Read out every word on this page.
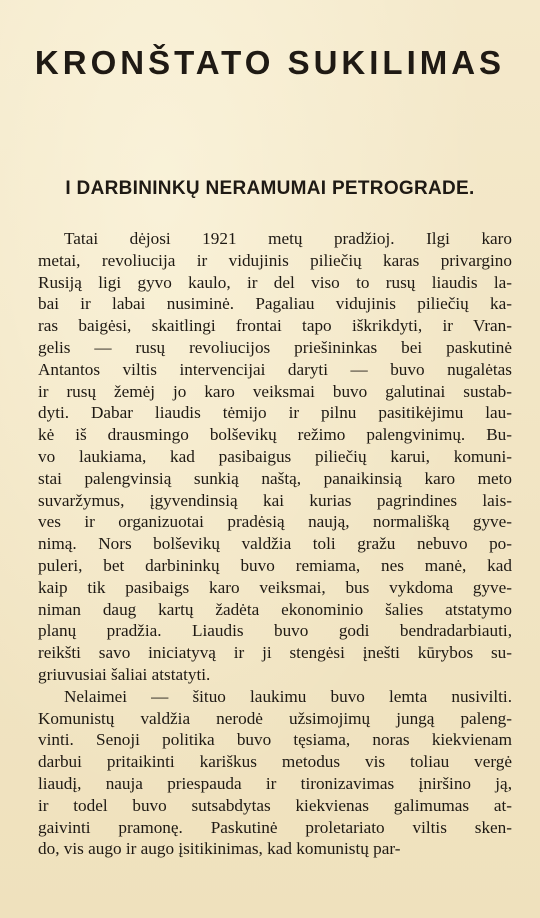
KRONŠTATO SUKILIMAS
I DARBININKŲ NERAMUMAI PETROGRADE.
Tatai dėjosi 1921 metų pradžioj. Ilgi karo
metai, revoliucija ir vidujinis piliečių karas privargino
Rusiją ligi gyvo kaulo, ir del viso to rusų liaudis la-
bai ir labai nusiminė. Pagaliau vidujinis piliečių ka-
ras baigėsi, skaitlingi frontai tapo iškrikdyti, ir Vran-
gelis — rusų revoliucijos priešininkas bei paskutinė
Antantos viltis intervencijai daryti — buvo nugalėtas
ir rusų žemėj jo karo veiksmai buvo galutinai sustab-
dyti. Dabar liaudis tėmijo ir pilnu pasitikėjimu lau-
kė iš drausmingo bolševikų režimo palengvinimų. Bu-
vo laukiama, kad pasibaigus piliečių karui, komuni-
stai palengvinsią sunkią naštą, panaikinsią karo meto
suvaržymus, įgyvendinsią kai kurias pagrindines lais-
ves ir organizuotai pradėsią naują, normališką gyve-
nimą. Nors bolševikų valdžia toli gražu nebuvo po-
puleri, bet darbininkų buvo remiama, nes manė, kad
kaip tik pasibaigs karo veiksmai, bus vykdoma gyve-
niman daug kartų žadėta ekonominio šalies atstatymo
planų pradžia. Liaudis buvo godi bendradarbiauti,
reikšti savo iniciatyvą ir ji stengėsi įnešti kūrybos su-
griuvusiai šaliai atstatyti.
Nelaimei — šituo laukimu buvo lemta nusivilti.
Komunistų valdžia nerodė užsimojimų jungą paleng-
vinti. Senoji politika buvo tęsiama, noras kiekvienam
darbui pritaikinti kariškus metodus vis toliau vergė
liaudį, nauja priespauda ir tironizavimas įniršino ją,
ir todel buvo sutsabdytas kiekvienas galimumas at-
gaivinti pramonę. Paskutinė proletariato viltis sken-
do, vis augo ir augo įsitikinimas, kad komunistų par-
